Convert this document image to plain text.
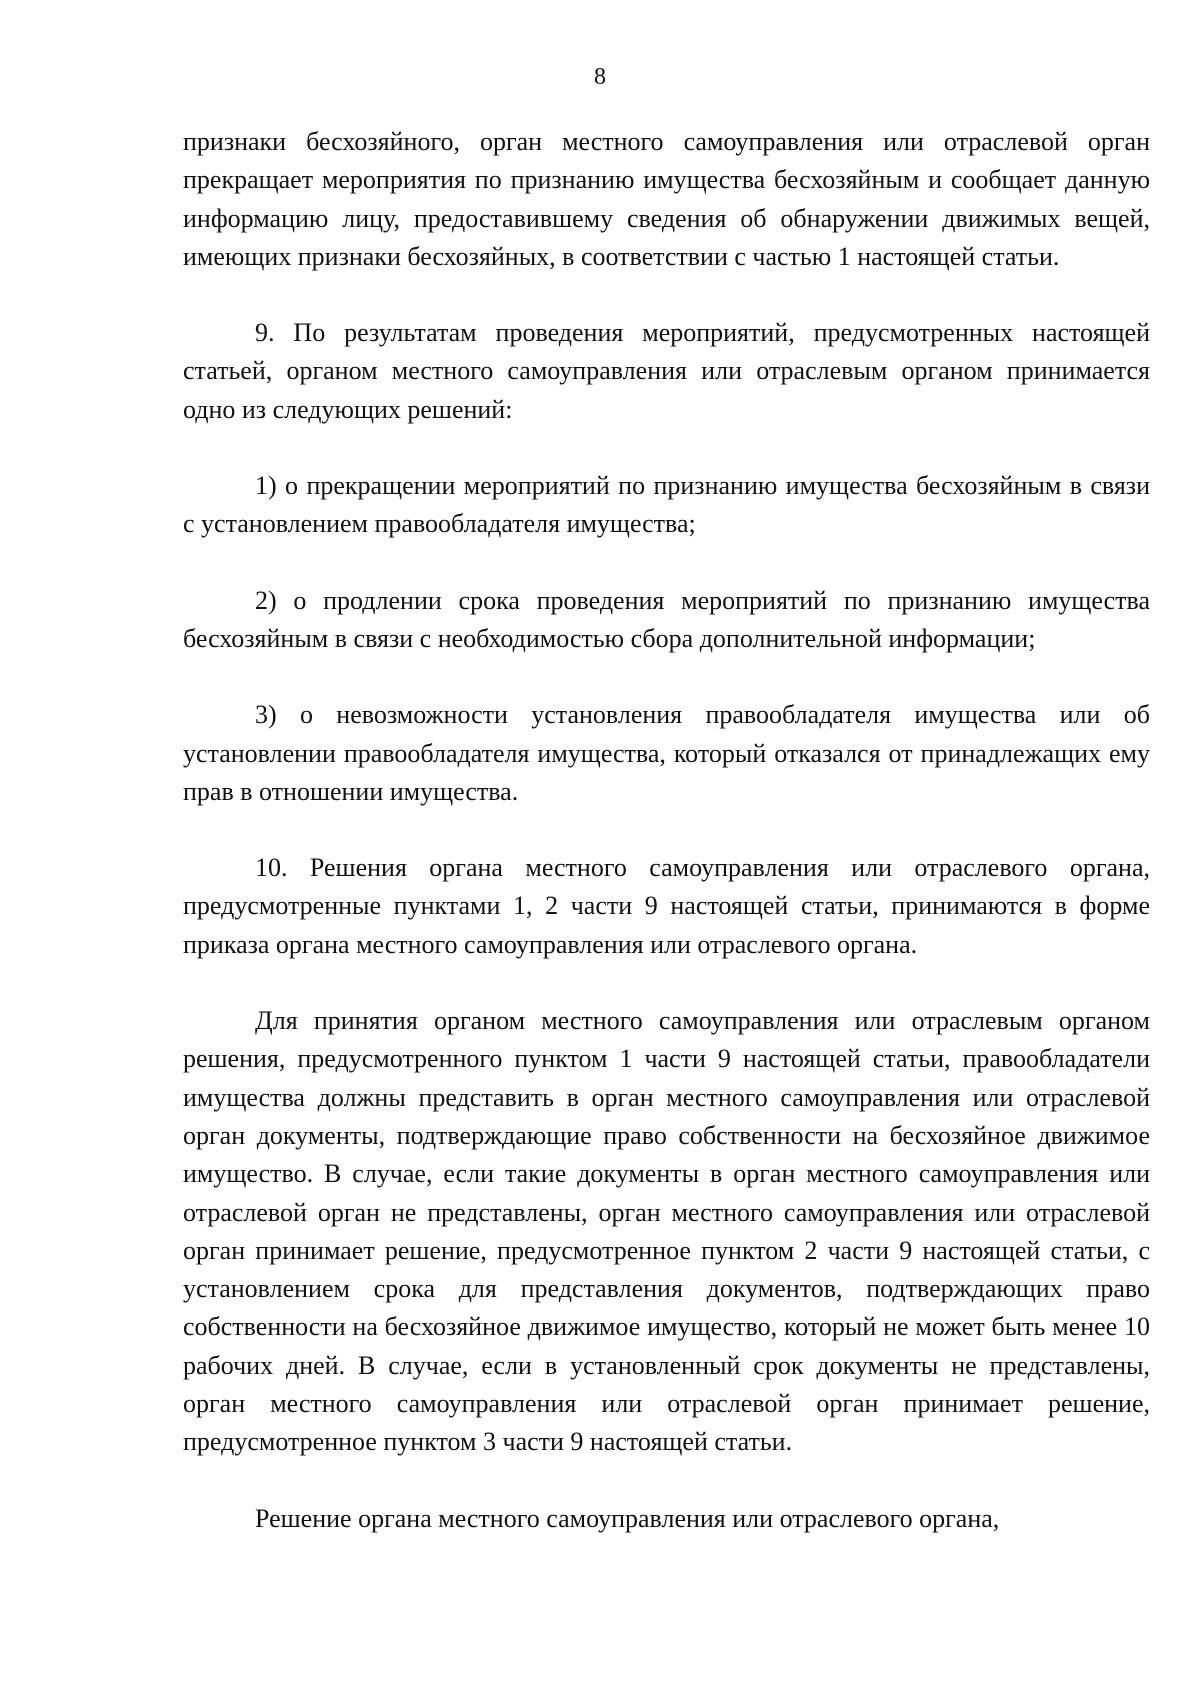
8

признаки бесхозяйного, орган местного самоуправления или отраслевой орган прекращает мероприятия по признанию имущества бесхозяйным и сообщает данную информацию лицу, предоставившему сведения об обнаружении движимых вещей, имеющих признаки бесхозяйных, в соответствии с частью 1 настоящей статьи.

9. По результатам проведения мероприятий, предусмотренных настоящей статьей, органом местного самоуправления или отраслевым органом принимается одно из следующих решений:

1) о прекращении мероприятий по признанию имущества бесхозяйным в связи с установлением правообладателя имущества;

2) о продлении срока проведения мероприятий по признанию имущества бесхозяйным в связи с необходимостью сбора дополнительной информации;

3) о невозможности установления правообладателя имущества или об установлении правообладателя имущества, который отказался от принадлежащих ему прав в отношении имущества.

10. Решения органа местного самоуправления или отраслевого органа, предусмотренные пунктами 1, 2 части 9 настоящей статьи, принимаются в форме приказа органа местного самоуправления или отраслевого органа.

Для принятия органом местного самоуправления или отраслевым органом решения, предусмотренного пунктом 1 части 9 настоящей статьи, правообладатели имущества должны представить в орган местного самоуправления или отраслевой орган документы, подтверждающие право собственности на бесхозяйное движимое имущество. В случае, если такие документы в орган местного самоуправления или отраслевой орган не представлены, орган местного самоуправления или отраслевой орган принимает решение, предусмотренное пунктом 2 части 9 настоящей статьи, с установлением срока для представления документов, подтверждающих право собственности на бесхозяйное движимое имущество, который не может быть менее 10 рабочих дней. В случае, если в установленный срок документы не представлены, орган местного самоуправления или отраслевой орган принимает решение, предусмотренное пунктом 3 части 9 настоящей статьи.

Решение органа местного самоуправления или отраслевого органа,
